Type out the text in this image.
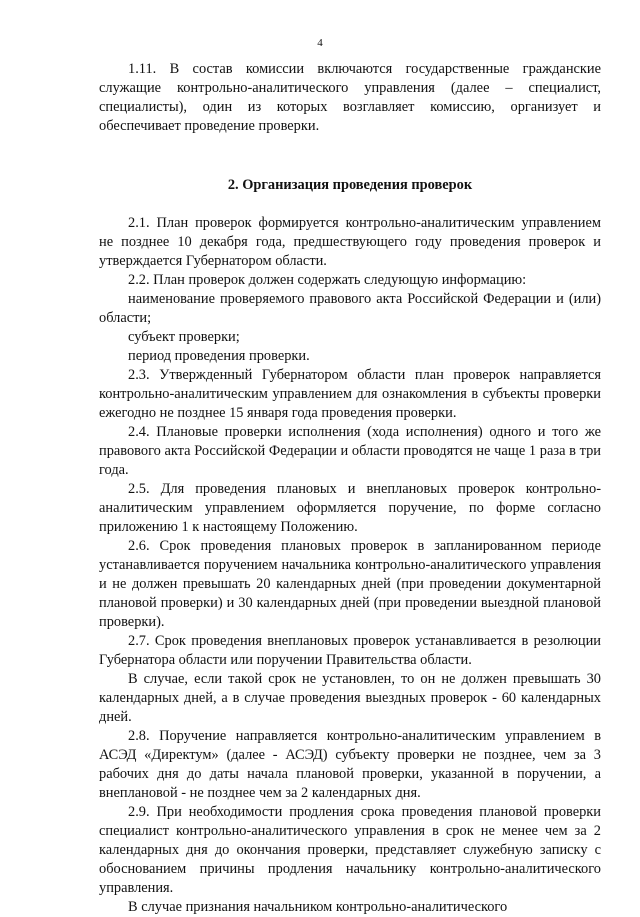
4

1.11. В состав комиссии включаются государственные гражданские служащие контрольно-аналитического управления (далее – специалист, специалисты), один из которых возглавляет комиссию, организует и обеспечивает проведение проверки.

2. Организация проведения проверок

2.1. План проверок формируется контрольно-аналитическим управлением не позднее 10 декабря года, предшествующего году проведения проверок и утверждается Губернатором области.

2.2. План проверок должен содержать следующую информацию:

наименование проверяемого правового акта Российской Федерации и (или) области;

субъект проверки;

период проведения проверки.

2.3. Утвержденный Губернатором области план проверок направляется контрольно-аналитическим управлением для ознакомления в субъекты проверки ежегодно не позднее 15 января года проведения проверки.

2.4. Плановые проверки исполнения (хода исполнения) одного и того же правового акта Российской Федерации и области проводятся не чаще 1 раза в три года.

2.5. Для проведения плановых и внеплановых проверок контрольно-аналитическим управлением оформляется поручение, по форме согласно приложению 1 к настоящему Положению.

2.6. Срок проведения плановых проверок в запланированном периоде устанавливается поручением начальника контрольно-аналитического управления и не должен превышать 20 календарных дней (при проведении документарной плановой проверки) и 30 календарных дней (при проведении выездной плановой проверки).

2.7. Срок проведения внеплановых проверок устанавливается в резолюции Губернатора области или поручении Правительства области.

В случае, если такой срок не установлен, то он не должен превышать 30 календарных дней, а в случае проведения выездных проверок - 60 календарных дней.

2.8. Поручение направляется контрольно-аналитическим управлением в АСЭД «Директум» (далее - АСЭД) субъекту проверки не позднее, чем за 3 рабочих дня до даты начала плановой проверки, указанной в поручении, а внеплановой - не позднее чем за 2 календарных дня.

2.9. При необходимости продления срока проведения плановой проверки специалист контрольно-аналитического управления в срок не менее чем за 2 календарных дня до окончания проверки, представляет служебную записку с обоснованием причины продления начальнику контрольно-аналитического управления.

В случае признания начальником контрольно-аналитического
